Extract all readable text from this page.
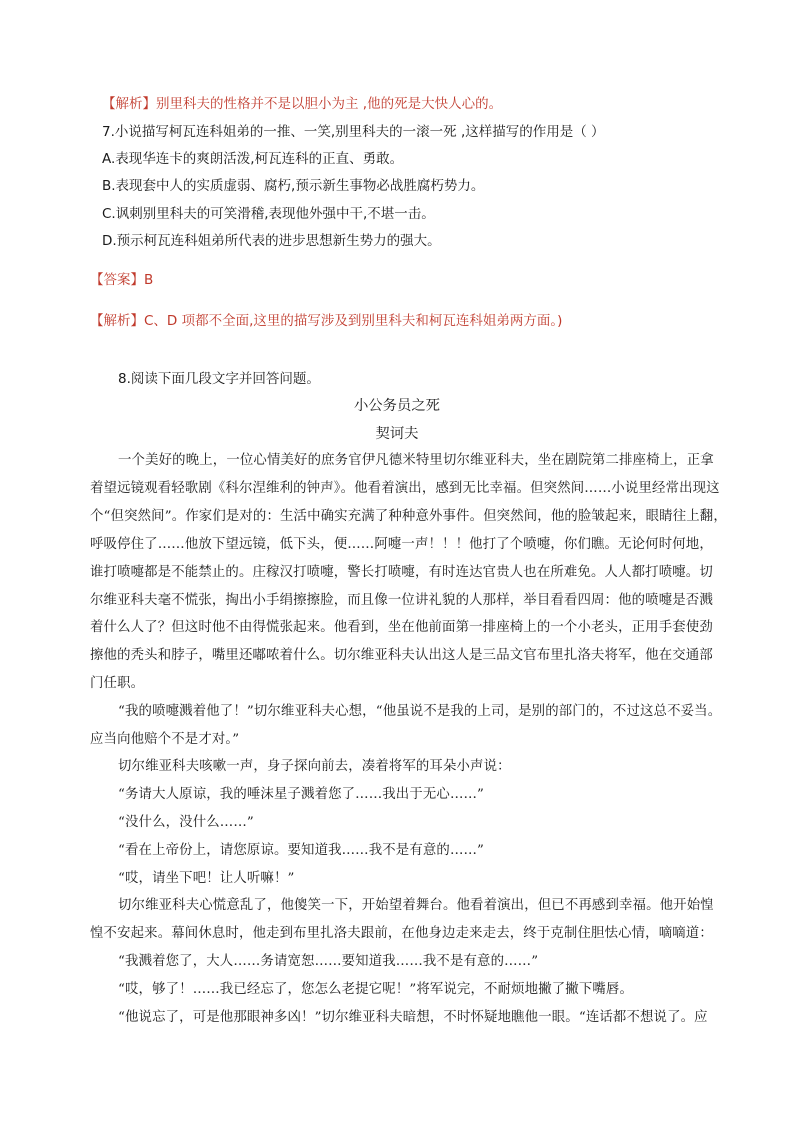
【解析】别里科夫的性格并不是以胆小为主 ,他的死是大快人心的。
7.小说描写柯瓦连科姐弟的一推、一笑,别里科夫的一滚一死 ,这样描写的作用是（ ）
A.表现华连卡的爽朗活泼,柯瓦连科的正直、勇敢。
B.表现套中人的实质虚弱、腐朽,预示新生事物必战胜腐朽势力。
C.讽刺别里科夫的可笑滑稽,表现他外强中干,不堪一击。
D.预示柯瓦连科姐弟所代表的进步思想新生势力的强大。
【答案】B
【解析】C、D 项都不全面,这里的描写涉及到别里科夫和柯瓦连科姐弟两方面。)
8.阅读下面几段文字并回答问题。
小公务员之死
契诃夫
一个美好的晚上，一位心情美好的庶务官伊凡德米特里切尔维亚科夫，坐在剧院第二排座椅上，正拿
着望远镜观看轻歌剧《科尔涅维利的钟声》。他看着演出，感到无比幸福。但突然间……小说里经常出现这
个“但突然间”。作家们是对的：生活中确实充满了种种意外事件。但突然间，他的脸皱起来，眼睛往上翻，
呼吸停住了……他放下望远镜，低下头，便……阿嚏一声！！！他打了个喷嚏，你们瞧。无论何时何地，
谁打喷嚏都是不能禁止的。庄稼汉打喷嚏，警长打喷嚏，有时连达官贵人也在所难免。人人都打喷嚏。切
尔维亚科夫毫不慌张，掏出小手绢擦擦脸，而且像一位讲礼貌的人那样，举目看看四周：他的喷嚏是否溅
着什么人了？但这时他不由得慌张起来。他看到，坐在他前面第一排座椅上的一个小老头，正用手套使劲
擦他的秃头和脖子，嘴里还嘟哝着什么。切尔维亚科夫认出这人是三品文官布里扎洛夫将军，他在交通部
门任职。
“我的喷嚏溅着他了！”切尔维亚科夫心想，“他虽说不是我的上司，是别的部门的，不过这总不妥当。
应当向他赔个不是才对。”
切尔维亚科夫咳嗽一声，身子探向前去，凑着将军的耳朵小声说：
“务请大人原谅，我的唾沫星子溅着您了……我出于无心……”
“没什么，没什么……”
“看在上帝份上，请您原谅。要知道我……我不是有意的……”
“哎，请坐下吧！让人听嘛！”
切尔维亚科夫心慌意乱了，他傻笑一下，开始望着舞台。他看着演出，但已不再感到幸福。他开始惶
惶不安起来。幕间休息时，他走到布里扎洛夫跟前，在他身边走来走去，终于克制住胆怯心情，嘀嘀道：
“我溅着您了，大人……务请宽恕……要知道我……我不是有意的……”
“哎，够了！……我已经忘了，您怎么老提它呢！”将军说完，不耐烦地撇了撇下嘴唇。
“他说忘了，可是他那眼神多凶！”切尔维亚科夫暗想，不时怀疑地瞧他一眼。“连话都不想说了。应
